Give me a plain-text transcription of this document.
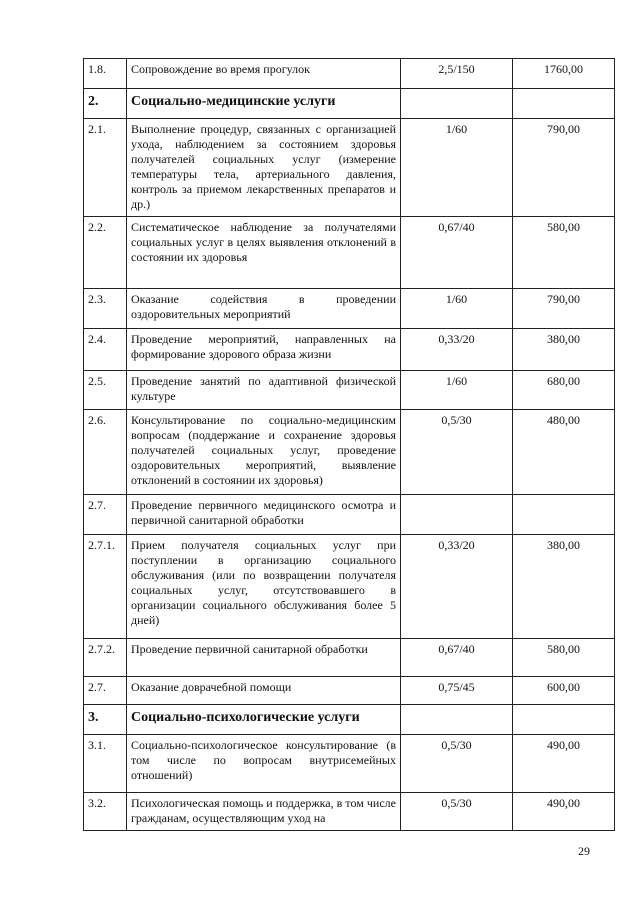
1.8.	Сопровождение во время прогулок	2,5/150	1760,00
2.	Социально-медицинские услуги		
2.1.	Выполнение процедур, связанных с организацией ухода, наблюдением за состоянием здоровья получателей социальных услуг (измерение температуры тела, артериального давления, контроль за приемом лекарственных препаратов и др.)	1/60	790,00
2.2.	Систематическое наблюдение за получателями социальных услуг в целях выявления отклонений в состоянии их здоровья	0,67/40	580,00
2.3.	Оказание содействия в проведении оздоровительных мероприятий	1/60	790,00
2.4.	Проведение мероприятий, направленных на формирование здорового образа жизни	0,33/20	380,00
2.5.	Проведение занятий по адаптивной физической культуре	1/60	680,00
2.6.	Консультирование по социально-медицинским вопросам (поддержание и сохранение здоровья получателей социальных услуг, проведение оздоровительных мероприятий, выявление отклонений в состоянии их здоровья)	0,5/30	480,00
2.7.	Проведение первичного медицинского осмотра и первичной санитарной обработки		
2.7.1.	Прием получателя социальных услуг при поступлении в организацию социального обслуживания (или по возвращении получателя социальных услуг, отсутствовавшего в организации социального обслуживания более 5 дней)	0,33/20	380,00
2.7.2.	Проведение первичной санитарной обработки	0,67/40	580,00
2.7.	Оказание доврачебной помощи	0,75/45	600,00
3.	Социально-психологические услуги		
3.1.	Социально-психологическое консультирование (в том числе по вопросам внутрисемейных отношений)	0,5/30	490,00
3.2.	Психологическая помощь и поддержка, в том числе гражданам, осуществляющим уход на	0,5/30	490,00
29
